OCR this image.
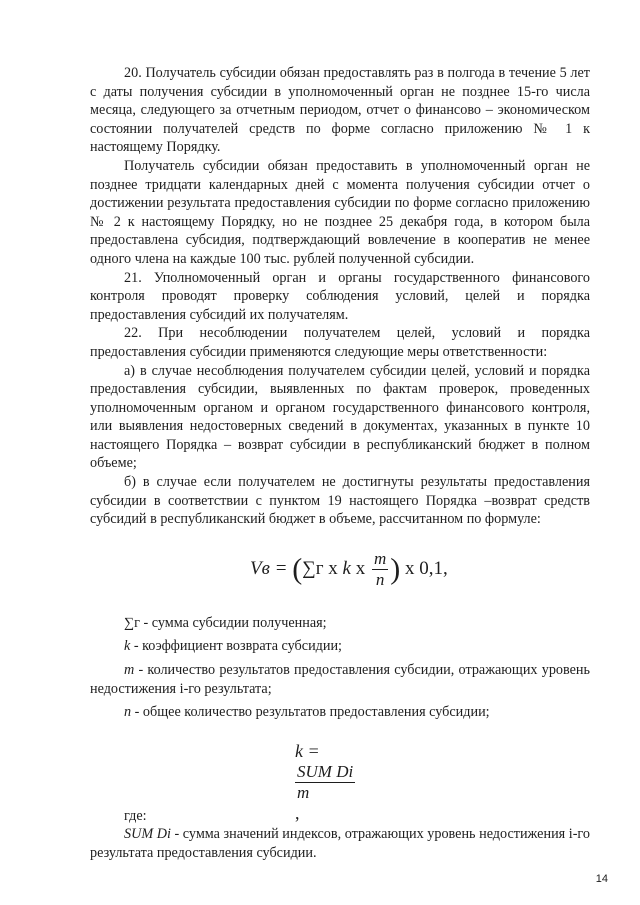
20. Получатель субсидии обязан предоставлять раз в полгода в течение 5 лет с даты получения субсидии в уполномоченный орган не позднее 15-го числа месяца, следующего за отчетным периодом, отчет о финансово – экономическом состоянии получателей средств по форме согласно приложению № 1 к настоящему Порядку.

Получатель субсидии обязан предоставить в уполномоченный орган не позднее тридцати календарных дней с момента получения субсидии отчет о достижении результата предоставления субсидии по форме согласно приложению № 2 к настоящему Порядку, но не позднее 25 декабря года, в котором была предоставлена субсидия, подтверждающий вовлечение в кооператив не менее одного члена на каждые 100 тыс. рублей полученной субсидии.

21. Уполномоченный орган и органы государственного финансового контроля проводят проверку соблюдения условий, целей и порядка предоставления субсидий их получателям.

22. При несоблюдении получателем целей, условий и порядка предоставления субсидии применяются следующие меры ответственности:

а) в случае несоблюдения получателем субсидии целей, условий и порядка предоставления субсидии, выявленных по фактам проверок, проведенных уполномоченным органом и органом государственного финансового контроля, или выявления недостоверных сведений в документах, указанных в пункте 10 настоящего Порядка – возврат субсидии в республиканский бюджет в полном объеме;

б) в случае если получателем не достигнуты результаты предоставления субсидии в соответствии с пунктом 19 настоящего Порядка –возврат средств субсидий в республиканский бюджет в объеме, рассчитанном по формуле:

Vв = (∑г х k х $\frac{m}{n}$ ) х 0,1,

∑г - сумма субсидии полученная;

k - коэффициент возврата субсидии;

m - количество результатов предоставления субсидии, отражающих уровень недостижения i-го результата;

n - общее количество результатов предоставления субсидии;

k =
SUM Di
m
,

где:

SUM Di - сумма значений индексов, отражающих уровень недостижения i-го результата предоставления субсидии.

14
